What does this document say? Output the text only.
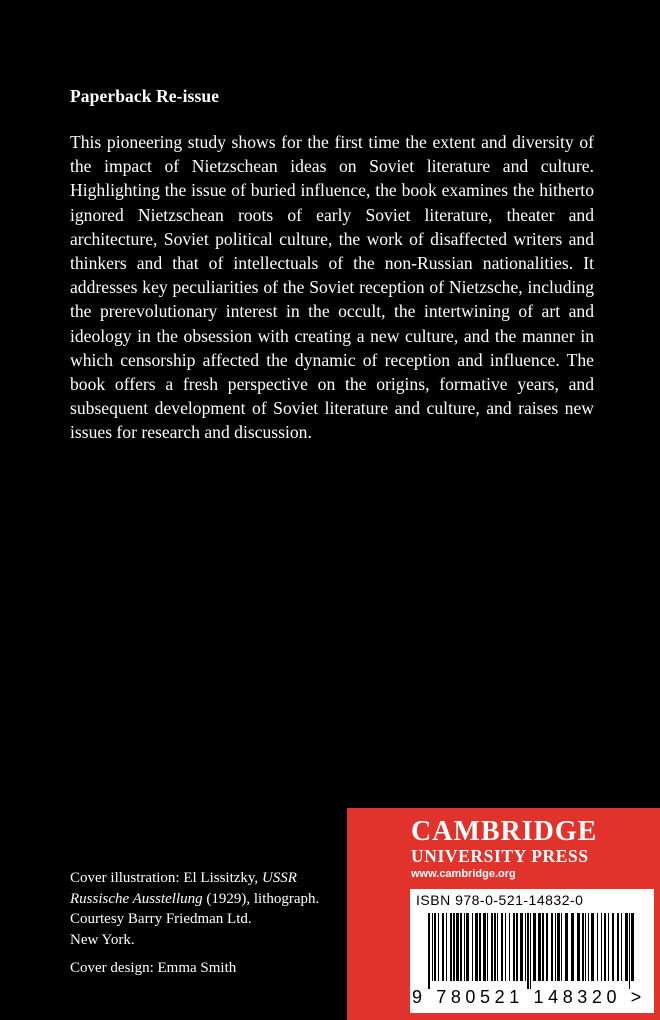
Paperback Re-issue
This pioneering study shows for the first time the extent and diversity of the impact of Nietzschean ideas on Soviet literature and culture. Highlighting the issue of buried influence, the book examines the hitherto ignored Nietzschean roots of early Soviet literature, theater and architecture, Soviet political culture, the work of disaffected writers and thinkers and that of intellectuals of the non-Russian nationalities. It addresses key peculiarities of the Soviet reception of Nietzsche, including the prerevolutionary interest in the occult, the intertwining of art and ideology in the obsession with creating a new culture, and the manner in which censorship affected the dynamic of reception and influence. The book offers a fresh perspective on the origins, formative years, and subsequent development of Soviet literature and culture, and raises new issues for research and discussion.
Cover illustration: El Lissitzky, USSR
Russische Ausstellung (1929), lithograph.
Courtesy Barry Friedman Ltd.
New York.
Cover design: Emma Smith
CAMBRIDGE
UNIVERSITY PRESS
www.cambridge.org
ISBN 978-0-521-14832-0
9 780521 148320 >
